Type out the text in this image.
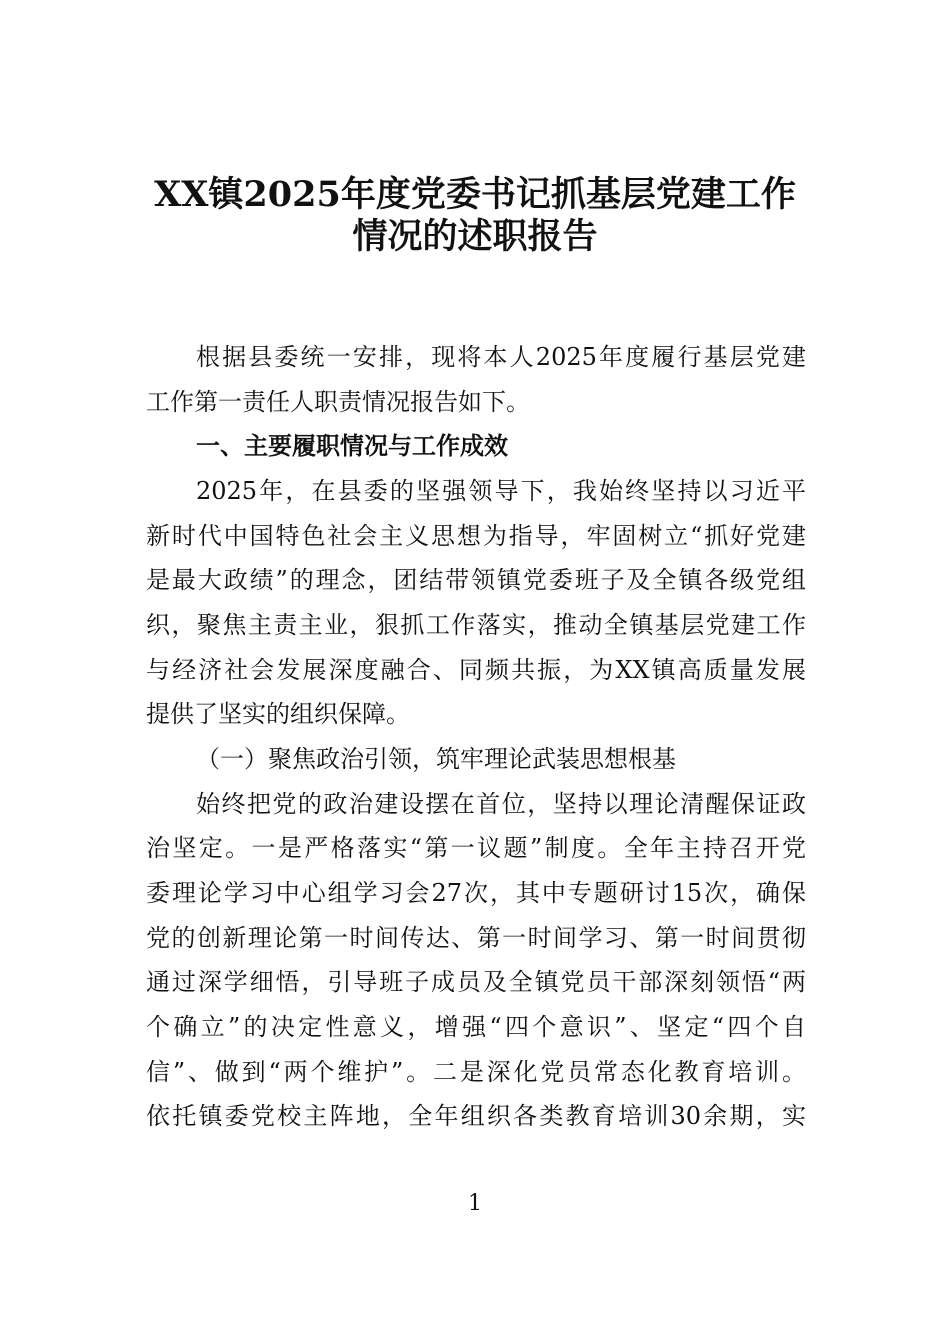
XX镇2025年度党委书记抓基层党建工作
情况的述职报告
根据县委统一安排，现将本人2025年度履行基层党建
工作第一责任人职责情况报告如下。
一、主要履职情况与工作成效
2025年，在县委的坚强领导下，我始终坚持以习近平
新时代中国特色社会主义思想为指导，牢固树立“抓好党建
是最大政绩”的理念，团结带领镇党委班子及全镇各级党组
织，聚焦主责主业，狠抓工作落实，推动全镇基层党建工作
与经济社会发展深度融合、同频共振，为XX镇高质量发展
提供了坚实的组织保障。
（一）聚焦政治引领，筑牢理论武装思想根基
始终把党的政治建设摆在首位，坚持以理论清醒保证政
治坚定。一是严格落实“第一议题”制度。全年主持召开党
委理论学习中心组学习会27次，其中专题研讨15次，确保
党的创新理论第一时间传达、第一时间学习、第一时间贯彻
通过深学细悟，引导班子成员及全镇党员干部深刻领悟“两
个确立”的决定性意义，增强“四个意识”、坚定“四个自
信”、做到“两个维护”。二是深化党员常态化教育培训。
依托镇委党校主阵地，全年组织各类教育培训30余期，实
1
